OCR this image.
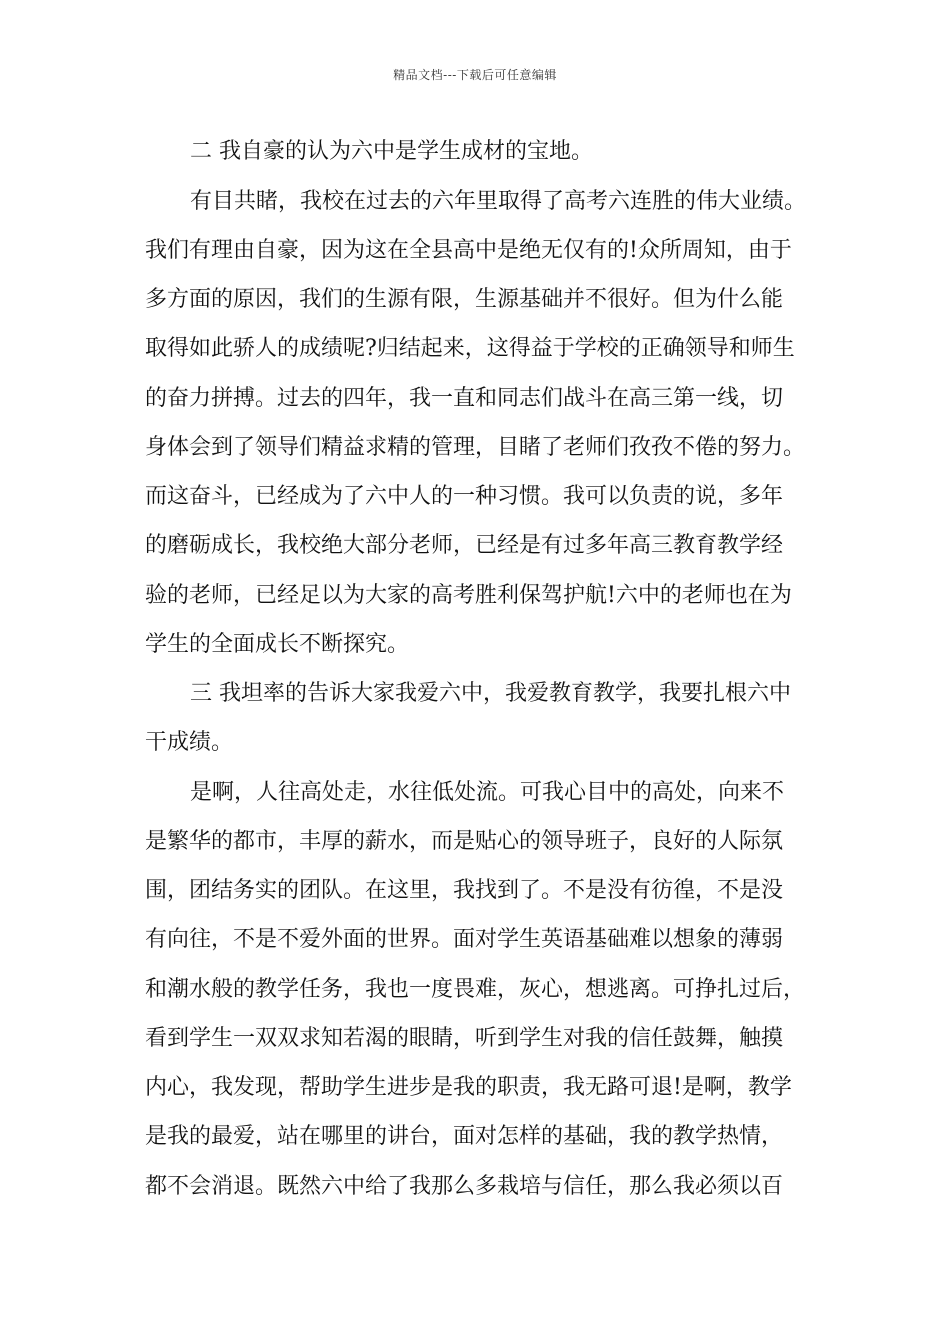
精品文档---下载后可任意编辑
二 我自豪的认为六中是学生成材的宝地。
有目共睹，我校在过去的六年里取得了高考六连胜的伟大业绩。
我们有理由自豪，因为这在全县高中是绝无仅有的!众所周知，由于
多方面的原因，我们的生源有限，生源基础并不很好。但为什么能
取得如此骄人的成绩呢?归结起来，这得益于学校的正确领导和师生
的奋力拼搏。过去的四年，我一直和同志们战斗在高三第一线，切
身体会到了领导们精益求精的管理，目睹了老师们孜孜不倦的努力。
而这奋斗，已经成为了六中人的一种习惯。我可以负责的说，多年
的磨砺成长，我校绝大部分老师，已经是有过多年高三教育教学经
验的老师，已经足以为大家的高考胜利保驾护航!六中的老师也在为
学生的全面成长不断探究。
三 我坦率的告诉大家我爱六中，我爱教育教学，我要扎根六中
干成绩。
是啊，人往高处走，水往低处流。可我心目中的高处，向来不
是繁华的都市，丰厚的薪水，而是贴心的领导班子，良好的人际氛
围，团结务实的团队。在这里，我找到了。不是没有彷徨，不是没
有向往，不是不爱外面的世界。面对学生英语基础难以想象的薄弱
和潮水般的教学任务，我也一度畏难，灰心，想逃离。可挣扎过后，
看到学生一双双求知若渴的眼睛，听到学生对我的信任鼓舞，触摸
内心，我发现，帮助学生进步是我的职责，我无路可退!是啊，教学
是我的最爱，站在哪里的讲台，面对怎样的基础，我的教学热情，
都不会消退。既然六中给了我那么多栽培与信任，那么我必须以百
